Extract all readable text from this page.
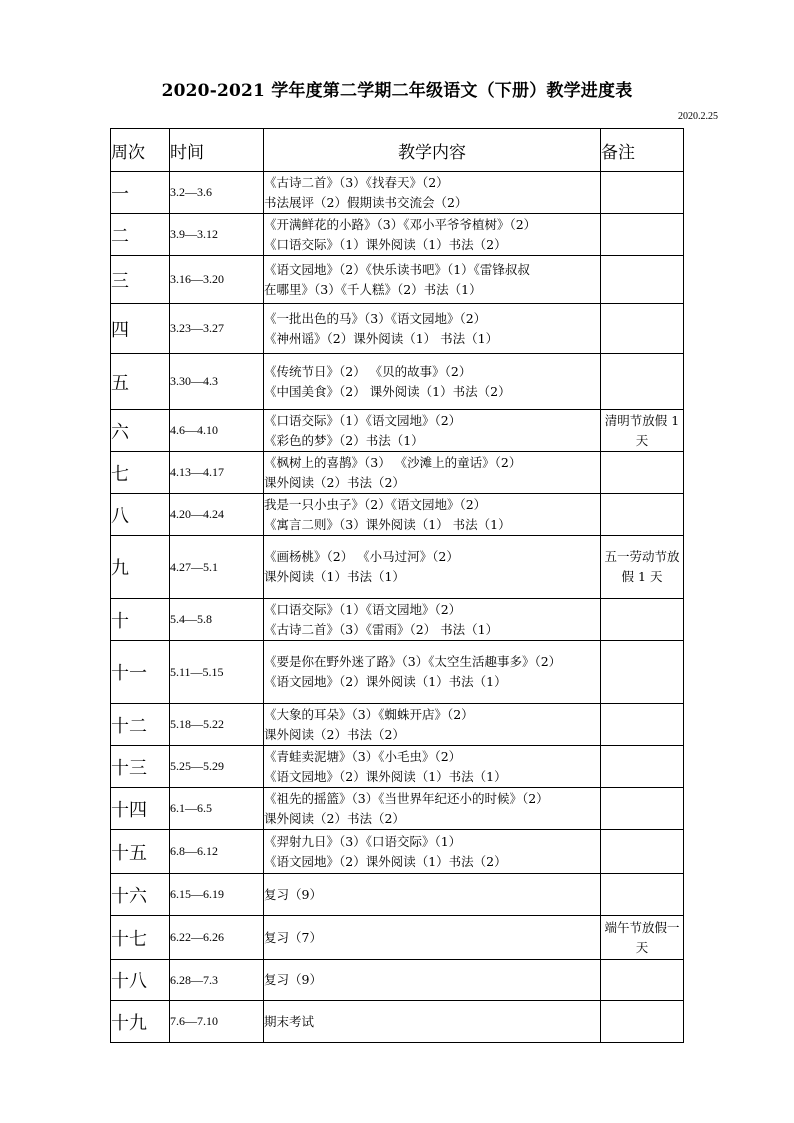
2020-2021 学年度第二学期二年级语文（下册）教学进度表
2020.2.25
周次	时间	教学内容	备注
一	3.2—3.6	《古诗二首》（3）《找春天》（2）
书法展评（2）假期读书交流会（2）	

二	3.9—3.12	《开满鲜花的小路》（3）《邓小平爷爷植树》（2）
《口语交际》（1）课外阅读（1）书法（2）	

三	3.16—3.20	《语文园地》（2）《快乐读书吧》（1）《雷锋叔叔
在哪里》（3）《千人糕》（2）书法（1）	

四	3.23—3.27	《一批出色的马》（3）《语文园地》（2）
《神州谣》（2）课外阅读（1） 书法（1）	

五	3.30—4.3	《传统节日》（2） 《贝的故事》（2）
《中国美食》（2） 课外阅读（1）书法（2）	

六	4.6—4.10	《口语交际》（1）《语文园地》（2）
《彩色的梦》（2）书法（1）	清明节放假 1 天
七	4.13—4.17	《枫树上的喜鹊》（3） 《沙滩上的童话》（2）
课外阅读（2）书法（2）	

八	4.20—4.24	我是一只小虫子》（2）《语文园地》（2）
《寓言二则》（3）课外阅读（1） 书法（1）	

九	4.27—5.1	《画杨桃》（2） 《小马过河》（2）
课外阅读（1）书法（1）	五一劳动节放假 1 天
十	5.4—5.8	《口语交际》（1）《语文园地》（2）
《古诗二首》（3）《雷雨》（2） 书法（1）	

十一	5.11—5.15	《要是你在野外迷了路》（3）《太空生活趣事多》（2）
《语文园地》（2）课外阅读（1）书法（1）	

十二	5.18—5.22	《大象的耳朵》（3）《蜘蛛开店》（2）
课外阅读（2）书法（2）	

十三	5.25—5.29	《青蛙卖泥塘》（3）《小毛虫》（2）
《语文园地》（2）课外阅读（1）书法（1）	

十四	6.1—6.5	《祖先的摇篮》（3）《当世界年纪还小的时候》（2）
课外阅读（2）书法（2）	

十五	6.8—6.12	《羿射九日》（3）《口语交际》（1）
《语文园地》（2）课外阅读（1）书法（2）	

十六	6.15—6.19	复习（9）	

十七	6.22—6.26	复习（7）	端午节放假一天
十八	6.28—7.3	复习（9）	

十九	7.6—7.10	期末考试	
